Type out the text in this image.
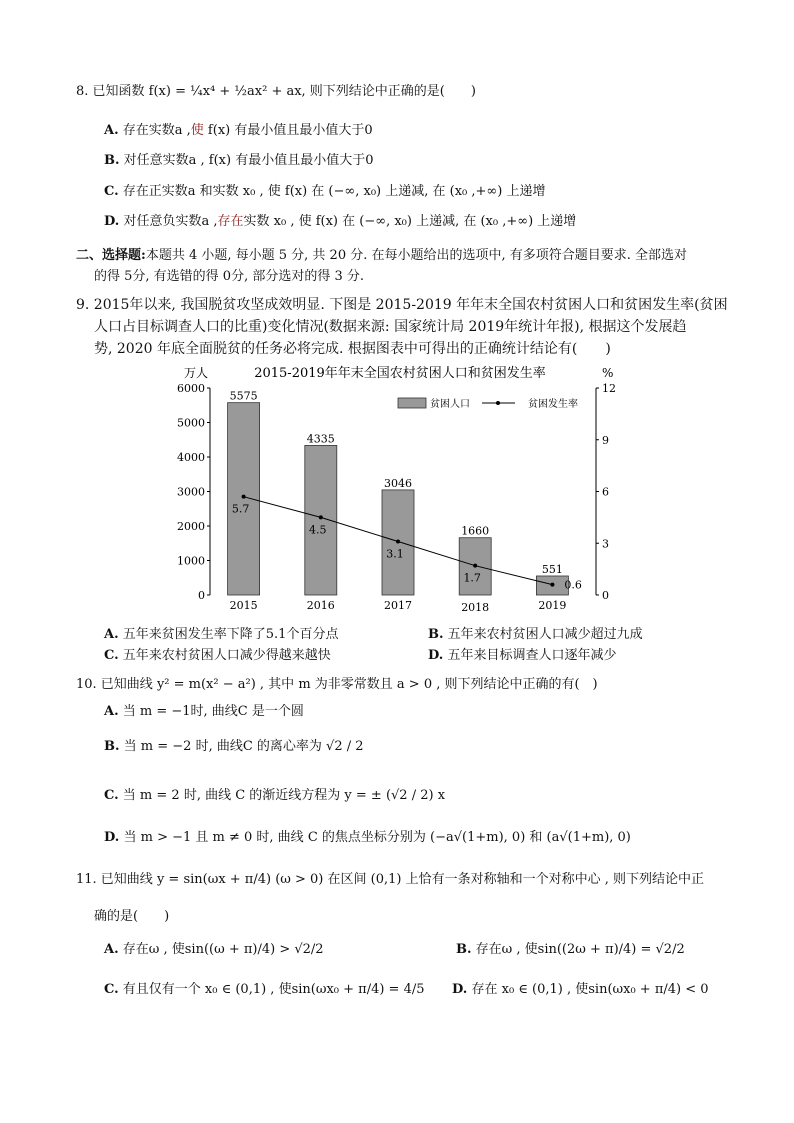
8. 已知函数 f(x) = ¼x⁴ + ½ax² + ax, 则下列结论中正确的是(　　)
A. 存在实数a ,使 f(x) 有最小值且最小值大于0
B. 对任意实数a , f(x) 有最小值且最小值大于0
C. 存在正实数a 和实数 x₀ , 使 f(x) 在 (−∞, x₀) 上递减, 在 (x₀ ,+∞) 上递增
D. 对任意负实数a ,存在实数 x₀ , 使 f(x) 在 (−∞, x₀) 上递减, 在 (x₀ ,+∞) 上递增
二、选择题:本题共 4 小题, 每小题 5 分, 共 20 分. 在每小题给出的选项中, 有多项符合题目要求. 全部选对
的得 5分, 有选错的得 0分, 部分选对的得 3 分.
9. 2015年以来, 我国脱贫攻坚成效明显. 下图是 2015-2019 年年末全国农村贫困人口和贫困发生率(贫困
人口占目标调查人口的比重)变化情况(数据来源: 国家统计局 2019年统计年报), 根据这个发展趋
势, 2020 年底全面脱贫的任务必将完成. 根据图表中可得出的正确统计结论有(　　)
万人	2015-2019年年末全国农村贫困人口和贫困发生率	%
0
1000
2000
3000
4000
5000
6000
0
3
6
9
12
5575
2015
4335
2016
3046
2017
1660
2018
551
2019
5.7
4.5
3.1
1.7
0.6
贫困人口	贫困发生率
A. 五年来贫困发生率下降了5.1个百分点	B. 五年来农村贫困人口减少超过九成
C. 五年来农村贫困人口减少得越来越快	D. 五年来目标调查人口逐年减少
10. 已知曲线 y² = m(x² − a²) , 其中 m 为非零常数且 a > 0 , 则下列结论中正确的有(　)
A. 当 m = −1时, 曲线C 是一个圆
B. 当 m = −2 时, 曲线C 的离心率为 √2 / 2
C. 当 m = 2 时, 曲线 C 的渐近线方程为 y = ± (√2 / 2) x
D. 当 m > −1 且 m ≠ 0 时, 曲线 C 的焦点坐标分别为 (−a√(1+m), 0) 和 (a√(1+m), 0)
11. 已知曲线 y = sin(ωx + π/4) (ω > 0) 在区间 (0,1) 上恰有一条对称轴和一个对称中心 , 则下列结论中正
确的是(　　)
A. 存在ω , 使sin((ω + π)/4) > √2/2	B. 存在ω , 使sin((2ω + π)/4) = √2/2
C. 有且仅有一个 x₀ ∈ (0,1) , 使sin(ωx₀ + π/4) = 4/5 D. 存在 x₀ ∈ (0,1) , 使sin(ωx₀ + π/4) < 0
